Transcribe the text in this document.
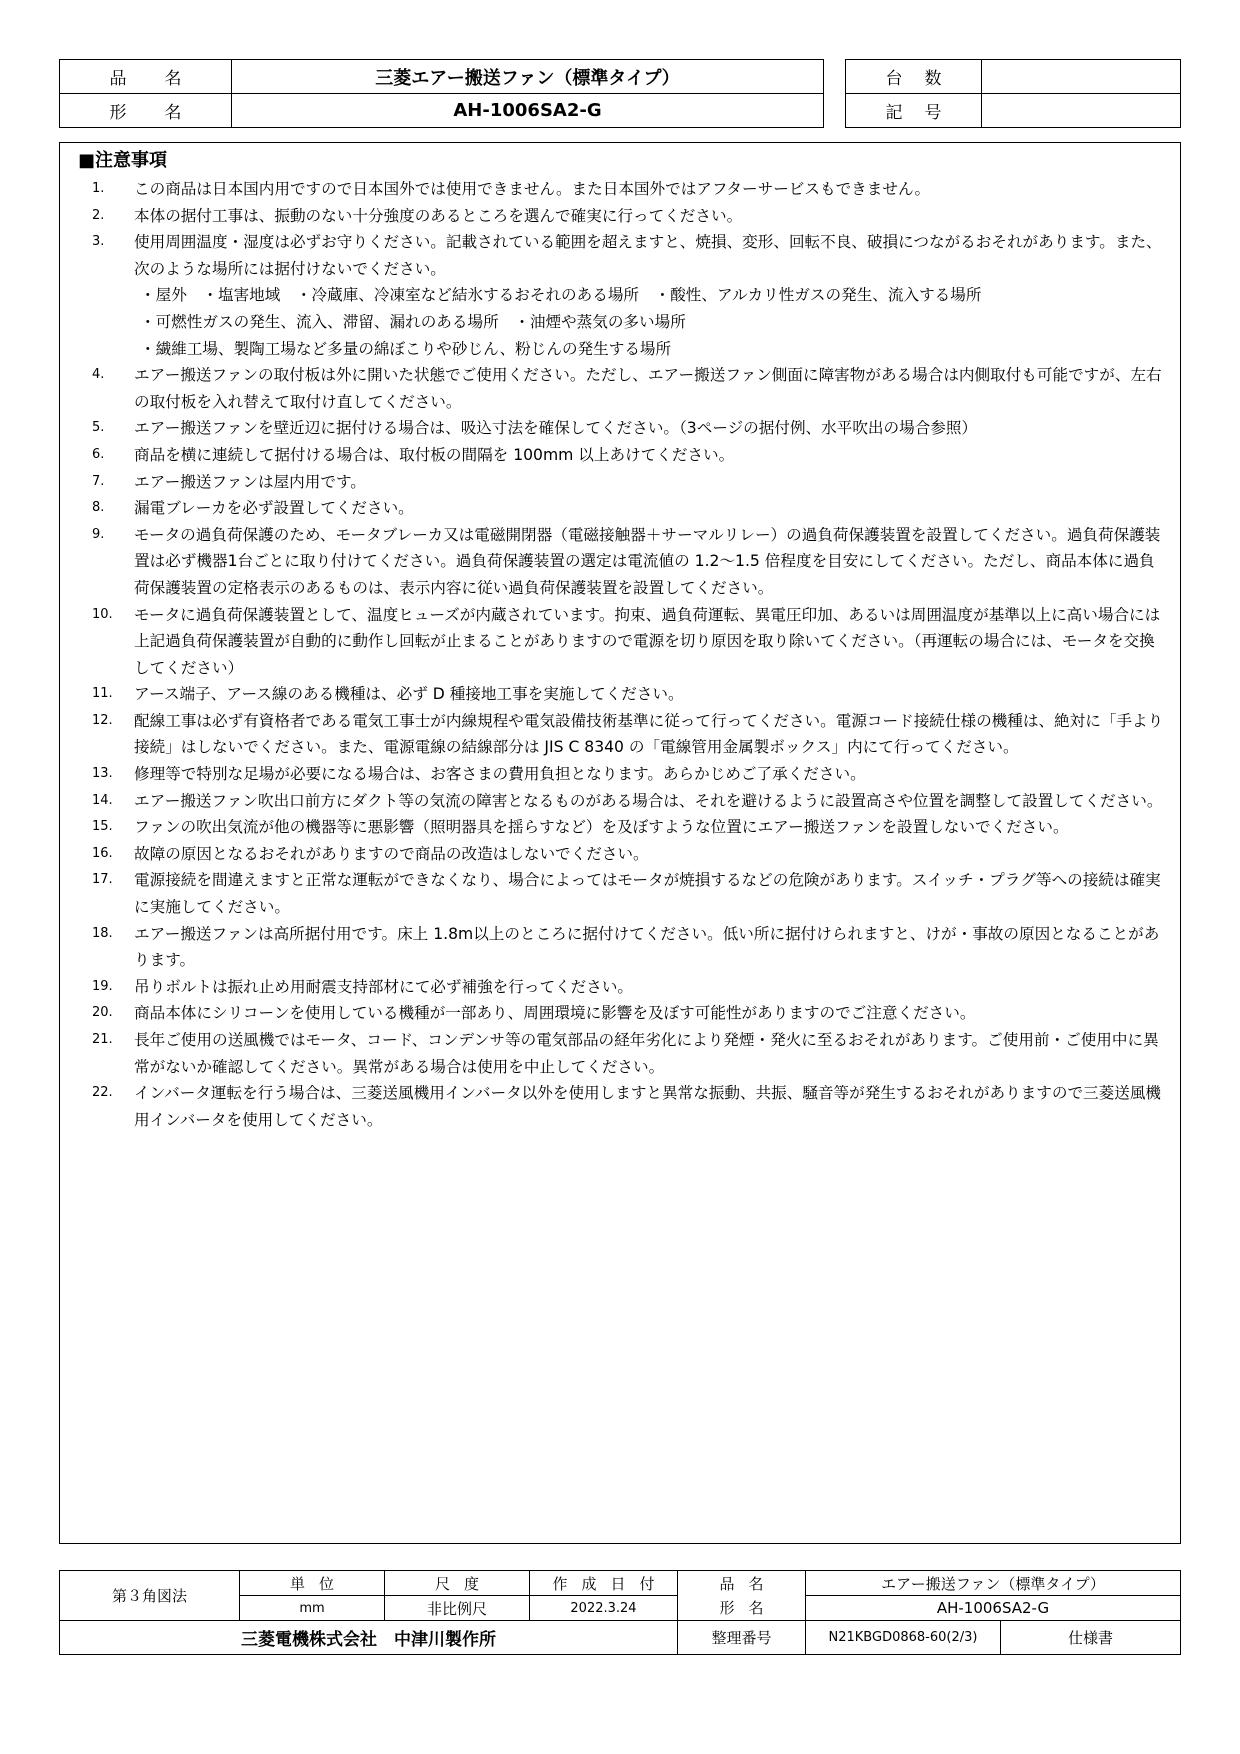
品名	三菱エアー搬送ファン（標準タイプ）
形名	AH-1006SA2-G
台数	
記号	
■注意事項
1. この商品は日本国内用ですので日本国外では使用できません。また日本国外ではアフターサービスもできません。
2. 本体の据付工事は、振動のない十分強度のあるところを選んで確実に行ってください。
3. 使用周囲温度・湿度は必ずお守りください。記載されている範囲を超えますと、焼損、変形、回転不良、破損につながるおそれがあります。また、次のような場所には据付けないでください。
・屋外　・塩害地域　・冷蔵庫、冷凍室など結氷するおそれのある場所　・酸性、アルカリ性ガスの発生、流入する場所
・可燃性ガスの発生、流入、滞留、漏れのある場所　・油煙や蒸気の多い場所
・繊維工場、製陶工場など多量の綿ぼこりや砂じん、粉じんの発生する場所
4. エアー搬送ファンの取付板は外に開いた状態でご使用ください。ただし、エアー搬送ファン側面に障害物がある場合は内側取付も可能ですが、左右の取付板を入れ替えて取付け直してください。
5. エアー搬送ファンを壁近辺に据付ける場合は、吸込寸法を確保してください。（3ページの据付例、水平吹出の場合参照）
6. 商品を横に連続して据付ける場合は、取付板の間隔を 100mm 以上あけてください。
7. エアー搬送ファンは屋内用です。
8. 漏電ブレーカを必ず設置してください。
9. モータの過負荷保護のため、モータブレーカ又は電磁開閉器（電磁接触器＋サーマルリレー）の過負荷保護装置を設置してください。過負荷保護装置は必ず機器1台ごとに取り付けてください。過負荷保護装置の選定は電流値の 1.2～1.5 倍程度を目安にしてください。ただし、商品本体に過負荷保護装置の定格表示のあるものは、表示内容に従い過負荷保護装置を設置してください。
10. モータに過負荷保護装置として、温度ヒューズが内蔵されています。拘束、過負荷運転、異電圧印加、あるいは周囲温度が基準以上に高い場合には上記過負荷保護装置が自動的に動作し回転が止まることがありますので電源を切り原因を取り除いてください。（再運転の場合には、モータを交換してください）
11. アース端子、アース線のある機種は、必ず D 種接地工事を実施してください。
12. 配線工事は必ず有資格者である電気工事士が内線規程や電気設備技術基準に従って行ってください。電源コード接続仕様の機種は、絶対に「手より接続」はしないでください。また、電源電線の結線部分は JIS C 8340 の「電線管用金属製ボックス」内にて行ってください。
13. 修理等で特別な足場が必要になる場合は、お客さまの費用負担となります。あらかじめご了承ください。
14. エアー搬送ファン吹出口前方にダクト等の気流の障害となるものがある場合は、それを避けるように設置高さや位置を調整して設置してください。
15. ファンの吹出気流が他の機器等に悪影響（照明器具を揺らすなど）を及ぼすような位置にエアー搬送ファンを設置しないでください。
16. 故障の原因となるおそれがありますので商品の改造はしないでください。
17. 電源接続を間違えますと正常な運転ができなくなり、場合によってはモータが焼損するなどの危険があります。スイッチ・プラグ等への接続は確実に実施してください。
18. エアー搬送ファンは高所据付用です。床上 1.8m以上のところに据付けてください。低い所に据付けられますと、けが・事故の原因となることがあります。
19. 吊りボルトは振れ止め用耐震支持部材にて必ず補強を行ってください。
20. 商品本体にシリコーンを使用している機種が一部あり、周囲環境に影響を及ぼす可能性がありますのでご注意ください。
21. 長年ご使用の送風機ではモータ、コード、コンデンサ等の電気部品の経年劣化により発煙・発火に至るおそれがあります。ご使用前・ご使用中に異常がないか確認してください。異常がある場合は使用を中止してください。
22. インバータ運転を行う場合は、三菱送風機用インバータ以外を使用しますと異常な振動、共振、騒音等が発生するおそれがありますので三菱送風機用インバータを使用してください。
第３角図法	単位	尺度	作成日付	品名	エアー搬送ファン（標準タイプ）	
	mm	非比例尺	2022.3.24	形名	AH-1006SA2-G	
三菱電機株式会社　中津川製作所				整理番号	N21KBGD0868-60(2/3)	仕様書
